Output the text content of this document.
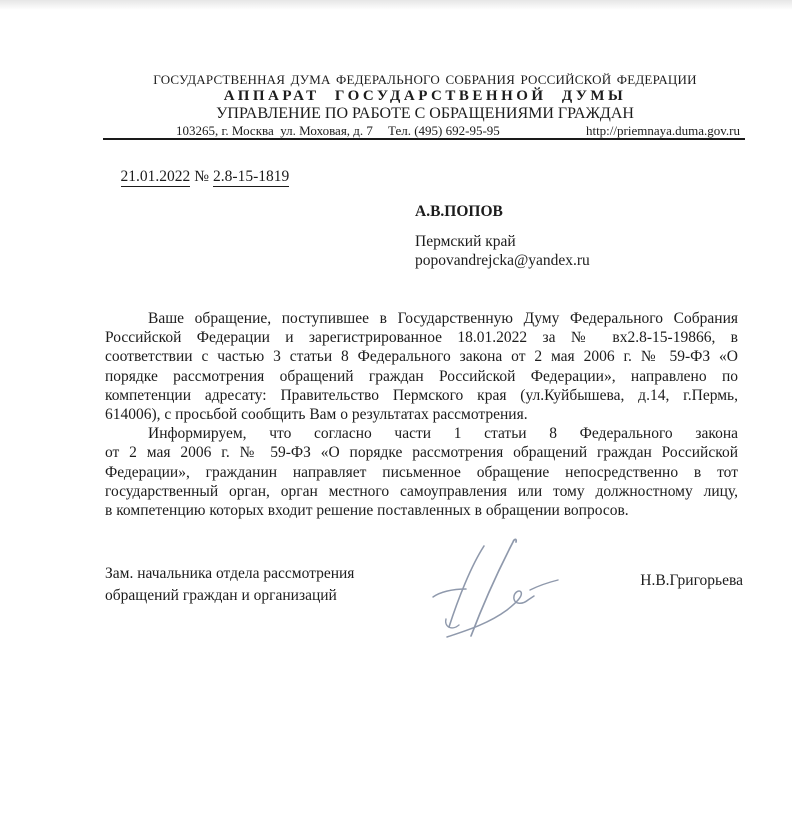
ГОСУДАРСТВЕННАЯ ДУМА ФЕДЕРАЛЬНОГО СОБРАНИЯ РОССИЙСКОЙ ФЕДЕРАЦИИ
АППАРАТ ГОСУДАРСТВЕННОЙ ДУМЫ
УПРАВЛЕНИЕ ПО РАБОТЕ С ОБРАЩЕНИЯМИ ГРАЖДАН
103265, г. Москва  ул. Моховая, д. 7 Тел. (495) 692-95-95	http://priemnaya.duma.gov.ru

21.01.2022 № 2.8-15-1819

А.В.ПОПОВ
Пермский край
popovandrejcka@yandex.ru
Ваше обращение, поступившее в Государственную Думу Федерального Собрания
Российской Федерации и зарегистрированное 18.01.2022 за № вх2.8-15-19866, в
соответствии с частью 3 статьи 8 Федерального закона от 2 мая 2006 г. № 59-ФЗ «О
порядке рассмотрения обращений граждан Российской Федерации», направлено по
компетенции адресату: Правительство Пермского края (ул.Куйбышева, д.14, г.Пермь,
614006), с просьбой сообщить Вам о результатах рассмотрения.
Информируем, что согласно части 1 статьи 8 Федерального закона
от 2 мая 2006 г. № 59-ФЗ «О порядке рассмотрения обращений граждан Российской
Федерации», гражданин направляет письменное обращение непосредственно в тот
государственный орган, орган местного самоуправления или тому должностному лицу,
в компетенцию которых входит решение поставленных в обращении вопросов.
Зам. начальника отдела рассмотрения
обращений граждан и организаций
Н.В.Григорьева
